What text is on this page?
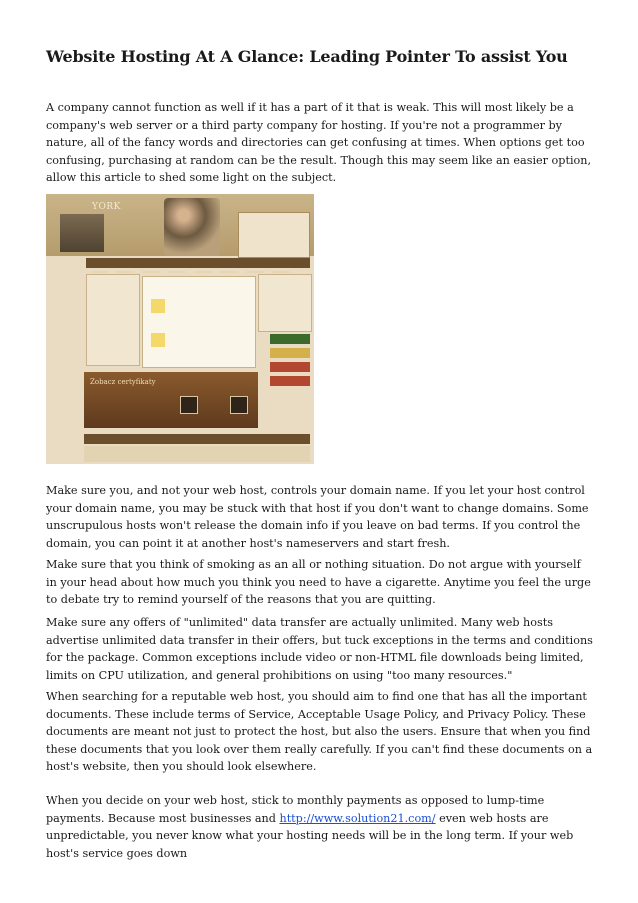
Website Hosting At A Glance: Leading Pointer To assist You

A company cannot function as well if it has a part of it that is weak. This will most likely be a company's web server or a third party company for hosting. If you're not a programmer by nature, all of the fancy words and directories can get confusing at times. When options get too confusing, purchasing at random can be the result. Though this may seem like an easier option, allow this article to shed some light on the subject.

YORK
Zobacz certyfikaty

Make sure you, and not your web host, controls your domain name. If you let your host control your domain name, you may be stuck with that host if you don't want to change domains. Some unscrupulous hosts won't release the domain info if you leave on bad terms. If you control the domain, you can point it at another host's nameservers and start fresh.

Make sure that you think of smoking as an all or nothing situation. Do not argue with yourself in your head about how much you think you need to have a cigarette. Anytime you feel the urge to debate try to remind yourself of the reasons that you are quitting.

Make sure any offers of "unlimited" data transfer are actually unlimited. Many web hosts advertise unlimited data transfer in their offers, but tuck exceptions in the terms and conditions for the package. Common exceptions include video or non-HTML file downloads being limited, limits on CPU utilization, and general prohibitions on using "too many resources."

When searching for a reputable web host, you should aim to find one that has all the important documents. These include terms of Service, Acceptable Usage Policy, and Privacy Policy. These documents are meant not just to protect the host, but also the users. Ensure that when you find these documents that you look over them really carefully. If you can't find these documents on a host's website, then you should look elsewhere.

When you decide on your web host, stick to monthly payments as opposed to lump-time payments. Because most businesses and http://www.solution21.com/ even web hosts are unpredictable, you never know what your hosting needs will be in the long term. If your web host's service goes down
